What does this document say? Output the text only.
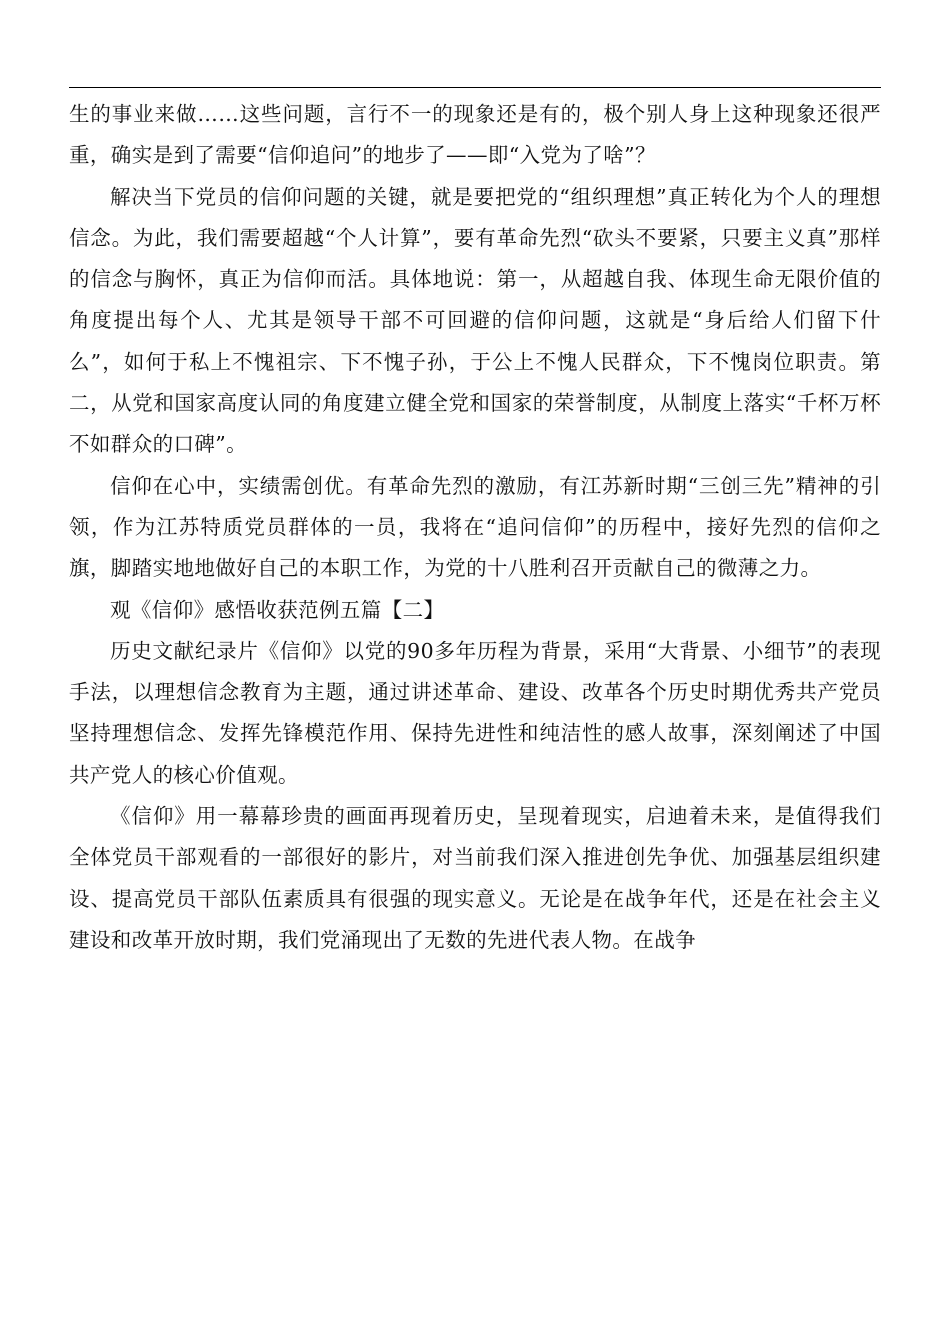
生的事业来做……这些问题，言行不一的现象还是有的，极个别人身上这种现象还很严重，确实是到了需要“信仰追问”的地步了——即“入党为了啥”？

解决当下党员的信仰问题的关键，就是要把党的“组织理想”真正转化为个人的理想信念。为此，我们需要超越“个人计算”，要有革命先烈“砍头不要紧，只要主义真”那样的信念与胸怀，真正为信仰而活。具体地说：第一，从超越自我、体现生命无限价值的角度提出每个人、尤其是领导干部不可回避的信仰问题，这就是“身后给人们留下什么”，如何于私上不愧祖宗、下不愧子孙，于公上不愧人民群众，下不愧岗位职责。第二，从党和国家高度认同的角度建立健全党和国家的荣誉制度，从制度上落实“千杯万杯不如群众的口碑”。

信仰在心中，实绩需创优。有革命先烈的激励，有江苏新时期“三创三先”精神的引领，作为江苏特质党员群体的一员，我将在“追问信仰”的历程中，接好先烈的信仰之旗，脚踏实地地做好自己的本职工作，为党的十八胜利召开贡献自己的微薄之力。

观《信仰》感悟收获范例五篇【二】

历史文献纪录片《信仰》以党的90多年历程为背景，采用“大背景、小细节”的表现手法，以理想信念教育为主题，通过讲述革命、建设、改革各个历史时期优秀共产党员坚持理想信念、发挥先锋模范作用、保持先进性和纯洁性的感人故事，深刻阐述了中国共产党人的核心价值观。

《信仰》用一幕幕珍贵的画面再现着历史，呈现着现实，启迪着未来，是值得我们全体党员干部观看的一部很好的影片，对当前我们深入推进创先争优、加强基层组织建设、提高党员干部队伍素质具有很强的现实意义。无论是在战争年代，还是在社会主义建设和改革开放时期，我们党涌现出了无数的先进代表人物。在战争
